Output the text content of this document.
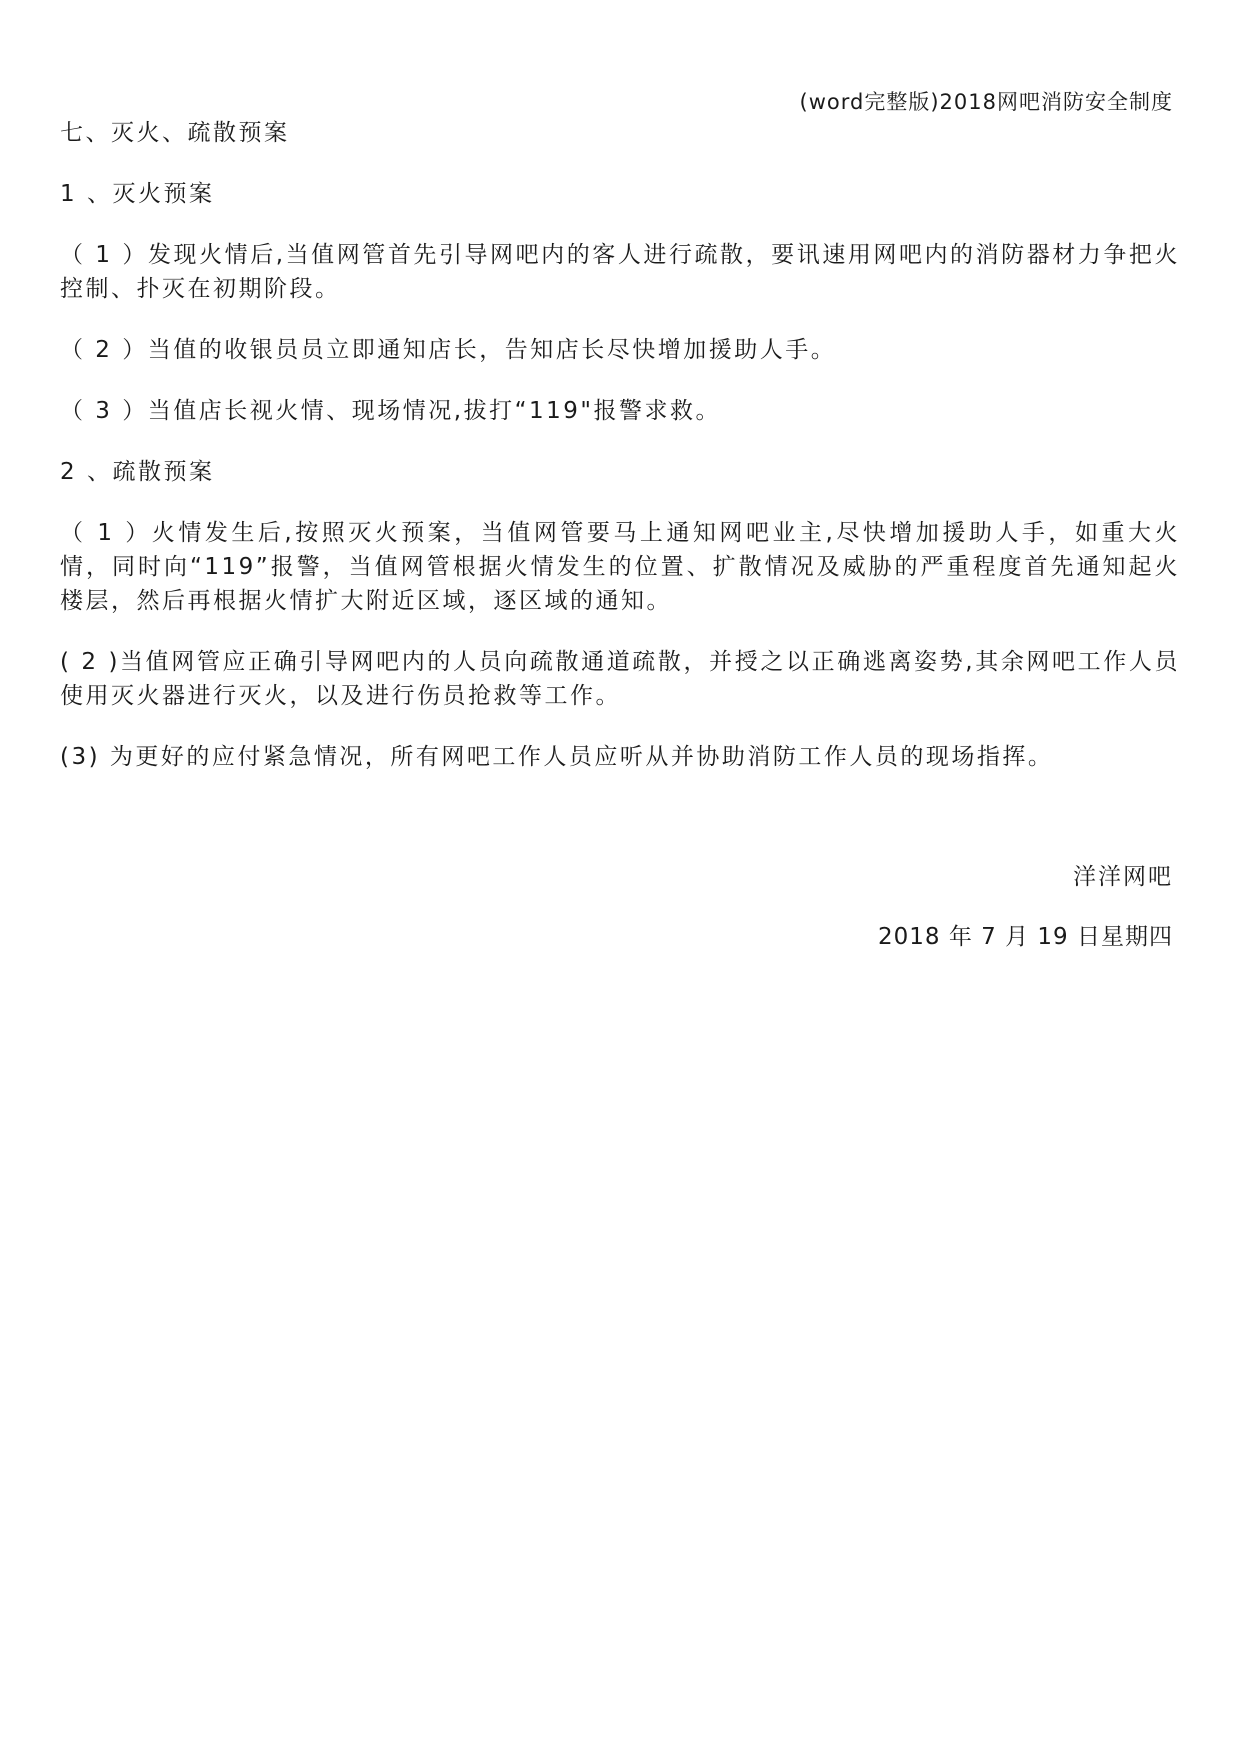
(word完整版)2018网吧消防安全制度

七、灭火、疏散预案

1 、灭火预案

（ 1 ）发现火情后,当值网管首先引导网吧内的客人进行疏散，要讯速用网吧内的消防器材力争把火控制、扑灭在初期阶段。

（ 2 ）当值的收银员员立即通知店长，告知店长尽快增加援助人手。

（ 3 ）当值店长视火情、现场情况,拔打“119"报警求救。

2 、疏散预案

（ 1 ）火情发生后,按照灭火预案，当值网管要马上通知网吧业主,尽快增加援助人手，如重大火情，同时向“119”报警，当值网管根据火情发生的位置、扩散情况及威胁的严重程度首先通知起火楼层，然后再根据火情扩大附近区域，逐区域的通知。

( 2 )当值网管应正确引导网吧内的人员向疏散通道疏散，并授之以正确逃离姿势,其余网吧工作人员使用灭火器进行灭火，以及进行伤员抢救等工作。

(3) 为更好的应付紧急情况，所有网吧工作人员应听从并协助消防工作人员的现场指挥。

洋洋网吧
2018 年 7 月 19 日星期四
